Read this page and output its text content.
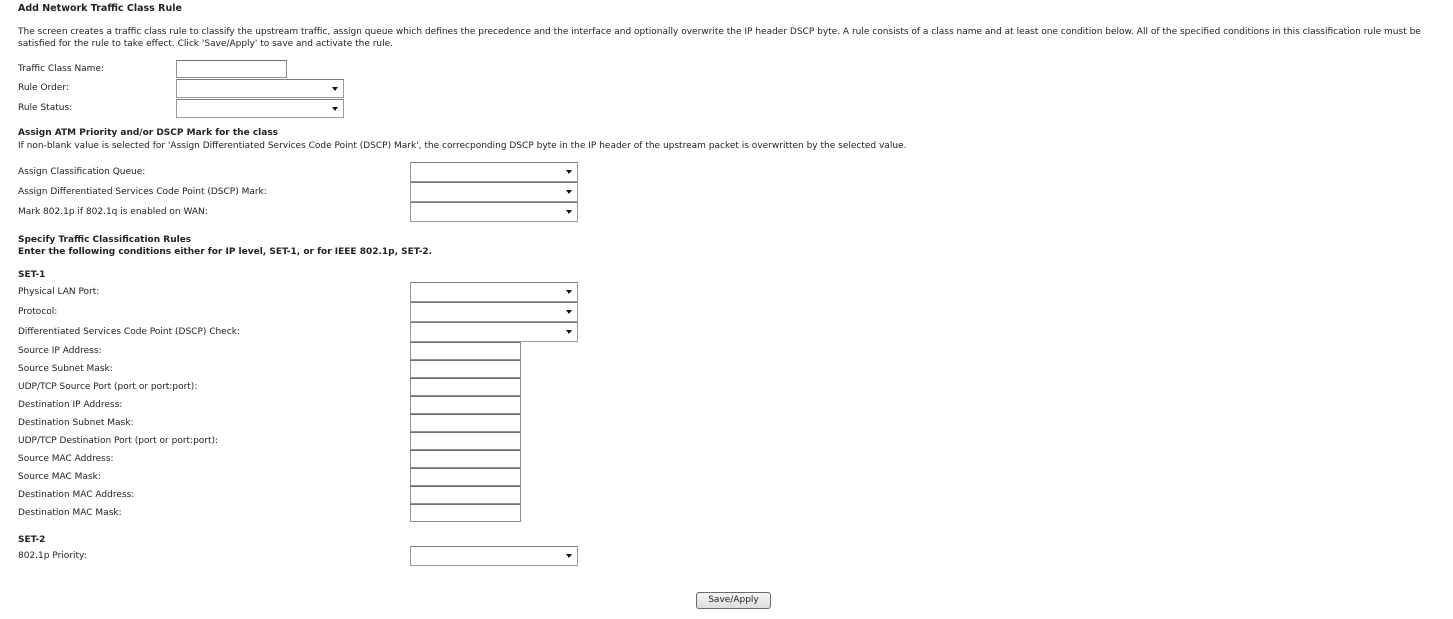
Add Network Traffic Class Rule
The screen creates a traffic class rule to classify the upstream traffic, assign queue which defines the precedence and the interface and optionally overwrite the IP header DSCP byte. A rule consists of a class name and at least one condition below. All of the specified conditions in this classification rule must be satisfied for the rule to take effect. Click 'Save/Apply' to save and activate the rule.
Traffic Class Name:
Rule Order:
Rule Status:
Assign ATM Priority and/or DSCP Mark for the class
If non-blank value is selected for 'Assign Differentiated Services Code Point (DSCP) Mark', the correcponding DSCP byte in the IP header of the upstream packet is overwritten by the selected value.
Assign Classification Queue:
Assign Differentiated Services Code Point (DSCP) Mark:
Mark 802.1p if 802.1q is enabled on WAN:
Specify Traffic Classification Rules
Enter the following conditions either for IP level, SET-1, or for IEEE 802.1p, SET-2.
SET-1
Physical LAN Port:
Protocol:
Differentiated Services Code Point (DSCP) Check:
Source IP Address:
Source Subnet Mask:
UDP/TCP Source Port (port or port:port):
Destination IP Address:
Destination Subnet Mask:
UDP/TCP Destination Port (port or port:port):
Source MAC Address:
Source MAC Mask:
Destination MAC Address:
Destination MAC Mask:
SET-2
802.1p Priority:
Save/Apply
